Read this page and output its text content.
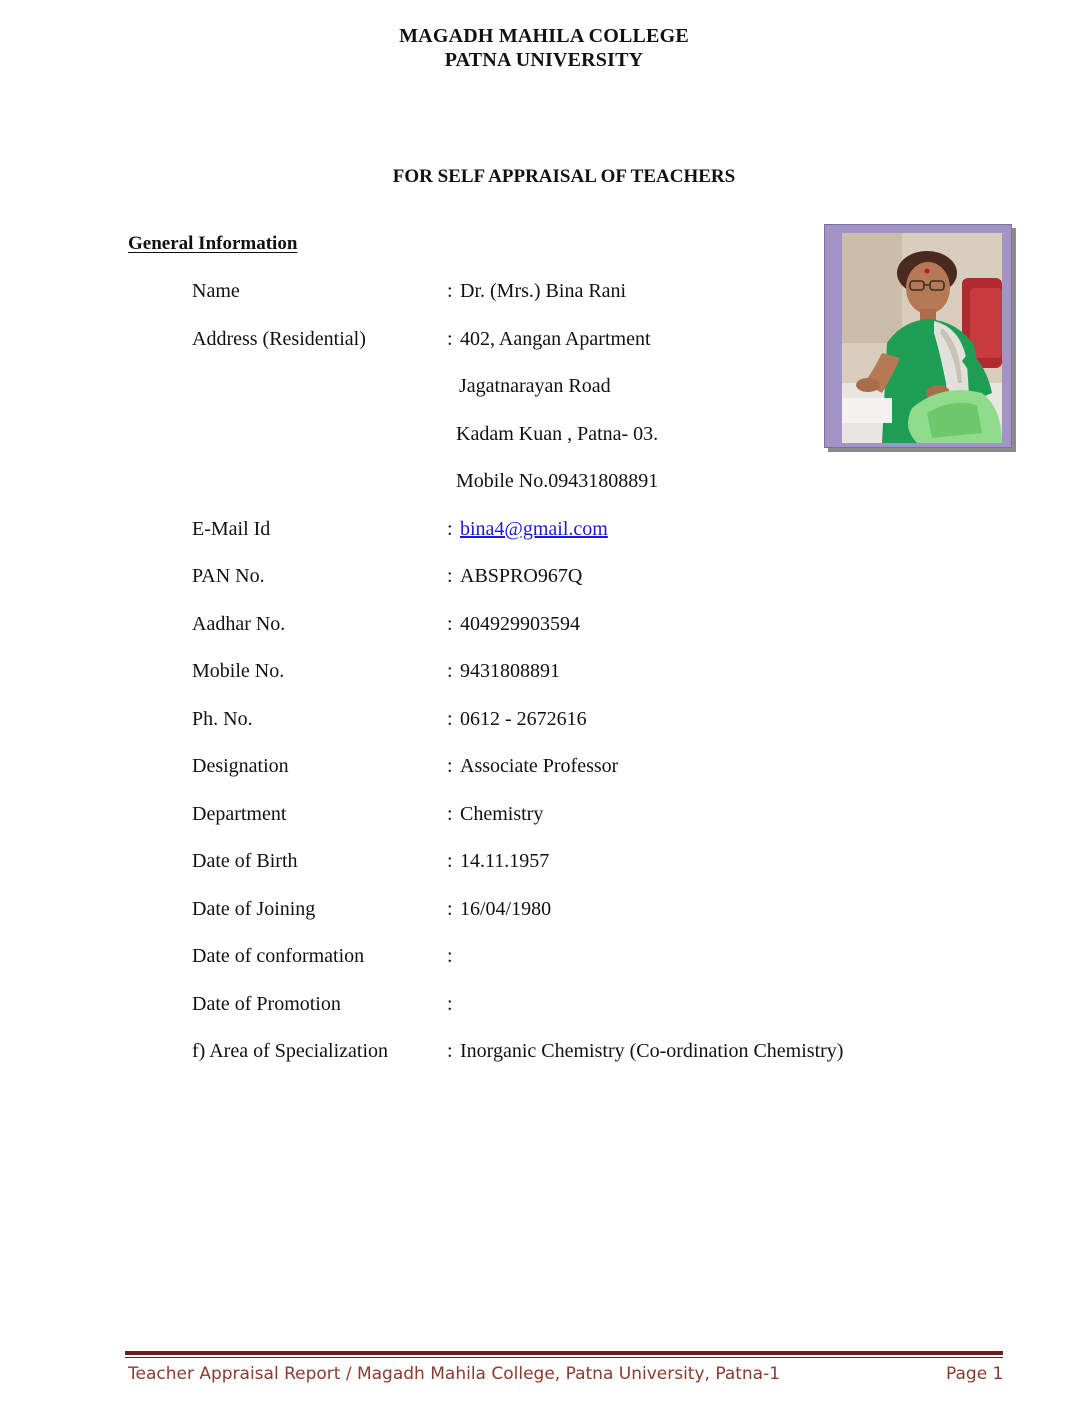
MAGADH MAHILA COLLEGE
PATNA UNIVERSITY
FOR SELF APPRAISAL OF TEACHERS
General Information
Name	: Dr. (Mrs.) Bina Rani
Address (Residential)	: 402, Aangan Apartment
Jagatnarayan Road
Kadam Kuan , Patna- 03.
Mobile No.09431808891
E-Mail Id	: bina4@gmail.com
PAN No.	: ABSPRO967Q
Aadhar No.	: 404929903594
Mobile No.	: 9431808891
Ph. No.	: 0612 - 2672616
Designation	: Associate Professor
Department	: Chemistry
Date of Birth	: 14.11.1957
Date of Joining	: 16/04/1980
Date of conformation	:
Date of Promotion	:
f) Area of Specialization	: Inorganic Chemistry (Co-ordination Chemistry)
Teacher Appraisal Report / Magadh Mahila College, Patna University, Patna-1	Page 1
